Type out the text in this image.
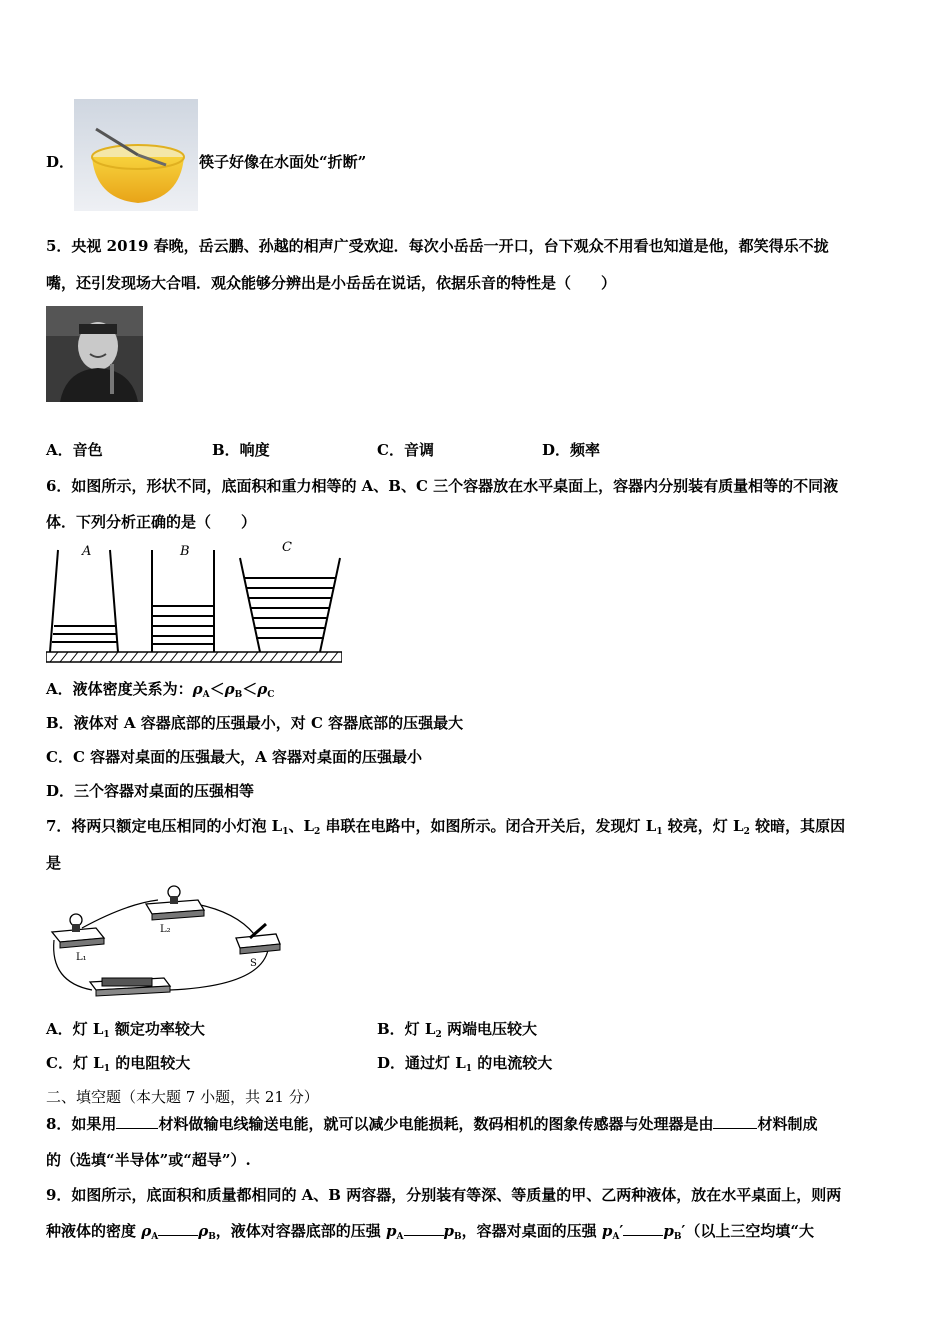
D．	筷子好像在水面处“折断”
5．央视 2019 春晚，岳云鹏、孙越的相声广受欢迎．每次小岳岳一开口，台下观众不用看也知道是他，都笑得乐不拢
嘴，还引发现场大合唱．观众能够分辨出是小岳岳在说话，依据乐音的特性是（　　）
A．音色	B．响度	C．音调	D．频率
6．如图所示，形状不同，底面积和重力相等的 A、B、C 三个容器放在水平桌面上，容器内分别装有质量相等的不同液
体．下列分析正确的是（　　）
A	B	C
A．液体密度关系为：$\rho_A<\rho_B<\rho_C$
B．液体对 A 容器底部的压强最小，对 C 容器底部的压强最大
C．C 容器对桌面的压强最大，A 容器对桌面的压强最小
D．三个容器对桌面的压强相等
7．将两只额定电压相同的小灯泡 $L_1$、$L_2$ 串联在电路中，如图所示。闭合开关后，发现灯 $L_1$ 较亮，灯 $L_2$ 较暗，其原因
是
L₁
L₂
S
A．灯 $L_1$ 额定功率较大	B．灯 $L_2$ 两端电压较大
C．灯 $L_1$ 的电阻较大	D．通过灯 $L_1$ 的电流较大
二、填空题（本大题 7 小题，共 21 分）
8．如果用	材料做输电线输送电能，就可以减少电能损耗，数码相机的图象传感器与处理器是由	材料制成
的（选填“半导体”或“超导”）.
9．如图所示，底面积和质量都相同的 A、B 两容器，分别装有等深、等质量的甲、乙两种液体，放在水平桌面上，则两
种液体的密度 $\rho_A$	$\rho_B$，液体对容器底部的压强 $p_A$	$p_B$，容器对桌面的压强 $p_A'$	$p_B'$（以上三空均填“大
